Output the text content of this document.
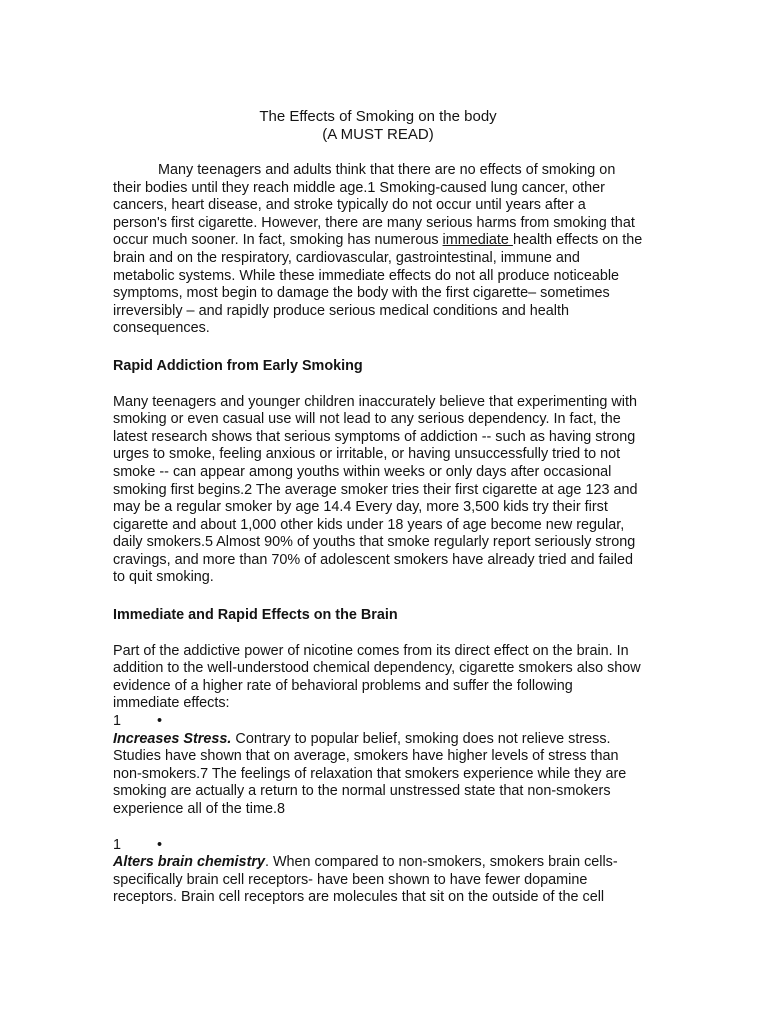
The Effects of Smoking on the body
(A MUST READ)

Many teenagers and adults think that there are no effects of smoking on their bodies until they reach middle age.1 Smoking-caused lung cancer, other cancers, heart disease, and stroke typically do not occur until years after a person's first cigarette. However, there are many serious harms from smoking that occur much sooner. In fact, smoking has numerous immediate health effects on the brain and on the respiratory, cardiovascular, gastrointestinal, immune and metabolic systems. While these immediate effects do not all produce noticeable symptoms, most begin to damage the body with the first cigarette– sometimes irreversibly – and rapidly produce serious medical conditions and health consequences.

Rapid Addiction from Early Smoking

Many teenagers and younger children inaccurately believe that experimenting with smoking or even casual use will not lead to any serious dependency. In fact, the latest research shows that serious symptoms of addiction -- such as having strong urges to smoke, feeling anxious or irritable, or having unsuccessfully tried to not smoke -- can appear among youths within weeks or only days after occasional smoking first begins.2 The average smoker tries their first cigarette at age 123 and may be a regular smoker by age 14.4 Every day, more 3,500 kids try their first cigarette and about 1,000 other kids under 18 years of age become new regular, daily smokers.5 Almost 90% of youths that smoke regularly report seriously strong cravings, and more than 70% of adolescent smokers have already tried and failed to quit smoking.

Immediate and Rapid Effects on the Brain

Part of the addictive power of nicotine comes from its direct effect on the brain. In addition to the well-understood chemical dependency, cigarette smokers also show evidence of a higher rate of behavioral problems and suffer the following immediate effects:

1 •

Increases Stress. Contrary to popular belief, smoking does not relieve stress. Studies have shown that on average, smokers have higher levels of stress than non-smokers.7 The feelings of relaxation that smokers experience while they are smoking are actually a return to the normal unstressed state that non-smokers experience all of the time.8

1 •

Alters brain chemistry. When compared to non-smokers, smokers brain cells- specifically brain cell receptors- have been shown to have fewer dopamine receptors. Brain cell receptors are molecules that sit on the outside of the cell
